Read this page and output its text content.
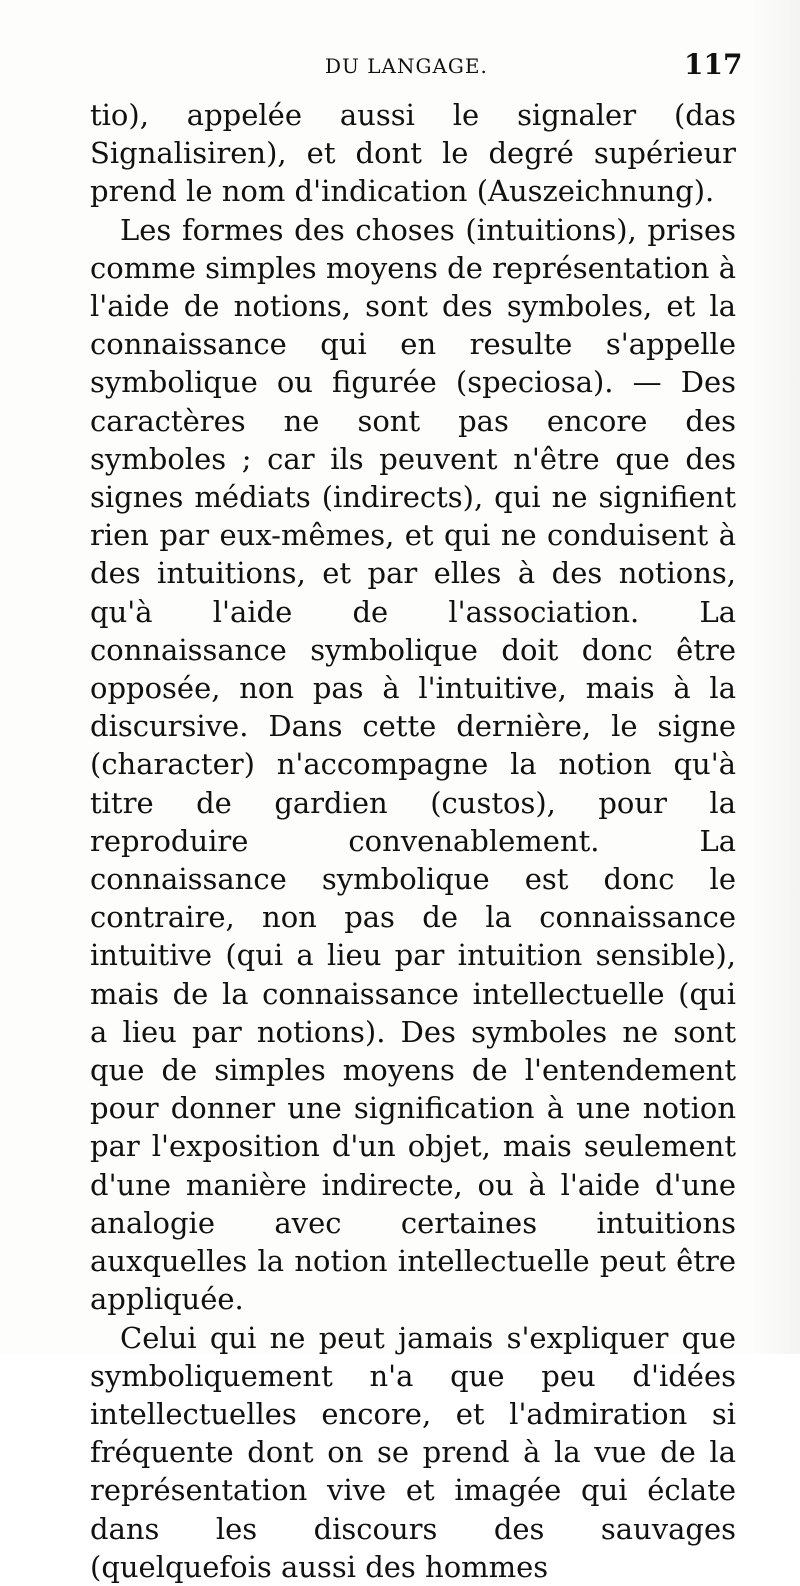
DU LANGAGE.	117

tio), appelée aussi le signaler (das Signalisiren), et dont le degré supérieur prend le nom d'indication (Auszeichnung).

Les formes des choses (intuitions), prises comme simples moyens de représentation à l'aide de notions, sont des symboles, et la connaissance qui en resulte s'appelle symbolique ou figurée (speciosa). — Des caractères ne sont pas encore des symboles ; car ils peuvent n'être que des signes médiats (indirects), qui ne signifient rien par eux-mêmes, et qui ne conduisent à des intuitions, et par elles à des notions, qu'à l'aide de l'association. La connaissance symbolique doit donc être opposée, non pas à l'intuitive, mais à la discursive. Dans cette dernière, le signe (character) n'accompagne la notion qu'à titre de gardien (custos), pour la reproduire convenablement. La connaissance symbolique est donc le contraire, non pas de la connaissance intuitive (qui a lieu par intuition sensible), mais de la connaissance intellectuelle (qui a lieu par notions). Des symboles ne sont que de simples moyens de l'entendement pour donner une signification à une notion par l'exposition d'un objet, mais seulement d'une manière indirecte, ou à l'aide d'une analogie avec certaines intuitions auxquelles la notion intellectuelle peut être appliquée.

Celui qui ne peut jamais s'expliquer que symboliquement n'a que peu d'idées intellectuelles encore, et l'admiration si fréquente dont on se prend à la vue de la représentation vive et imagée qui éclate dans les discours des sauvages (quelquefois aussi des hommes
